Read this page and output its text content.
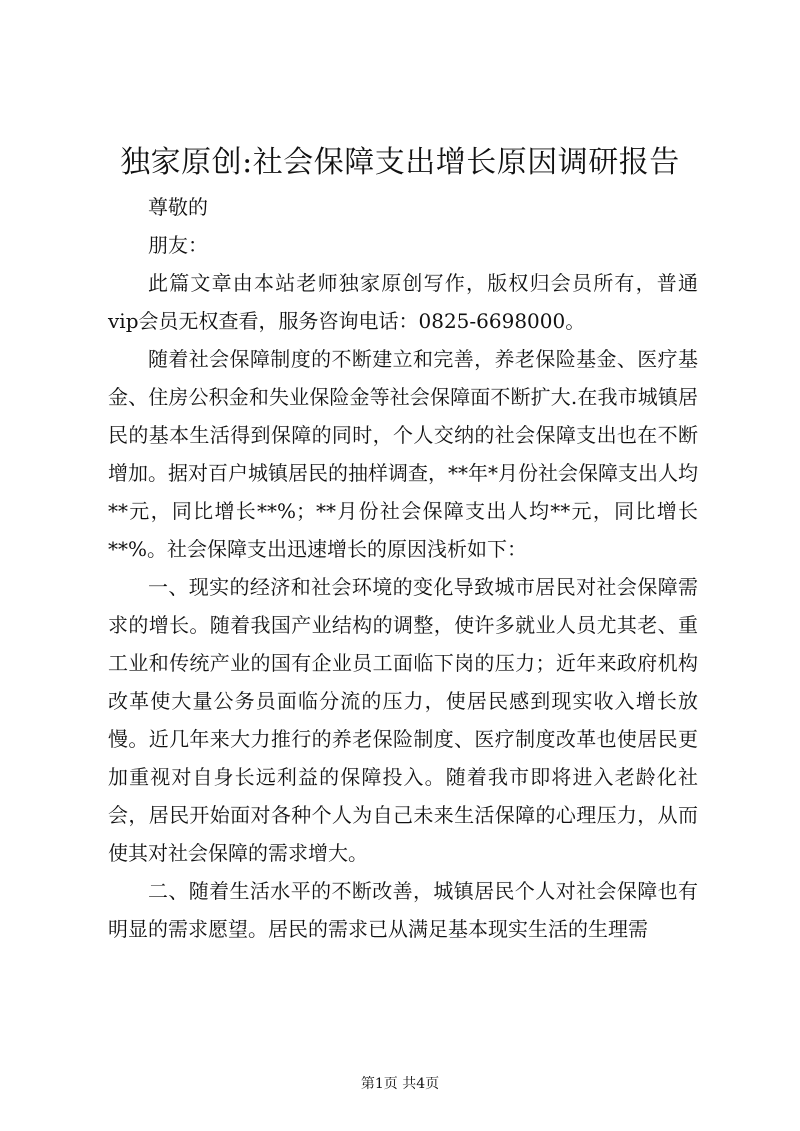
独家原创:社会保障支出增长原因调研报告

尊敬的

朋友：

此篇文章由本站老师独家原创写作，版权归会员所有，普通vip会员无权查看，服务咨询电话：0825-6698000。

随着社会保障制度的不断建立和完善，养老保险基金、医疗基金、住房公积金和失业保险金等社会保障面不断扩大.在我市城镇居民的基本生活得到保障的同时，个人交纳的社会保障支出也在不断增加。据对百户城镇居民的抽样调查，**年*月份社会保障支出人均**元，同比增长**%；**月份社会保障支出人均**元，同比增长**%。社会保障支出迅速增长的原因浅析如下：

一、现实的经济和社会环境的变化导致城市居民对社会保障需求的增长。随着我国产业结构的调整，使许多就业人员尤其老、重工业和传统产业的国有企业员工面临下岗的压力；近年来政府机构改革使大量公务员面临分流的压力，使居民感到现实收入增长放慢。近几年来大力推行的养老保险制度、医疗制度改革也使居民更加重视对自身长远利益的保障投入。随着我市即将进入老龄化社会，居民开始面对各种个人为自己未来生活保障的心理压力，从而使其对社会保障的需求增大。

二、随着生活水平的不断改善，城镇居民个人对社会保障也有明显的需求愿望。居民的需求已从满足基本现实生活的生理需

第1页 共4页
